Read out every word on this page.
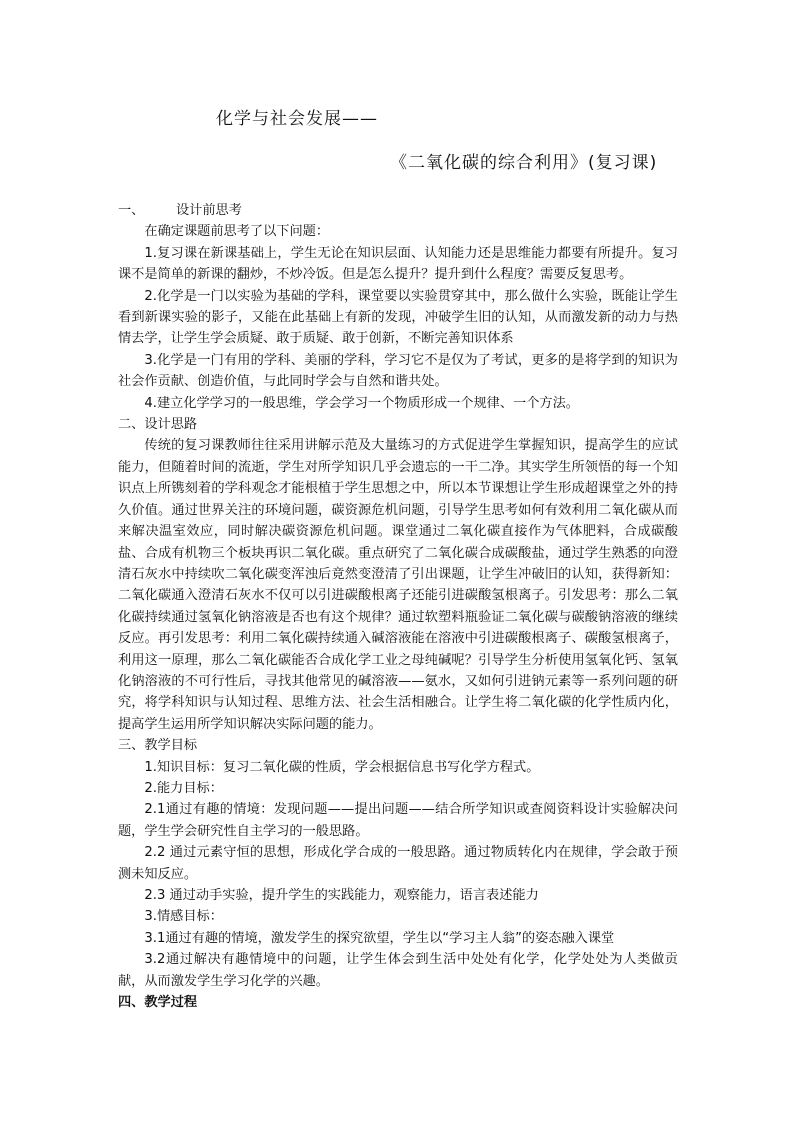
化学与社会发展——
《二氧化碳的综合利用》(复习课)

一、 设计前思考

在确定课题前思考了以下问题：

1.复习课在新课基础上，学生无论在知识层面、认知能力还是思维能力都要有所提升。复习课不是简单的新课的翻炒，不炒冷饭。但是怎么提升？提升到什么程度？需要反复思考。

2.化学是一门以实验为基础的学科，课堂要以实验贯穿其中，那么做什么实验，既能让学生看到新课实验的影子，又能在此基础上有新的发现，冲破学生旧的认知，从而激发新的动力与热情去学，让学生学会质疑、敢于质疑、敢于创新，不断完善知识体系

3.化学是一门有用的学科、美丽的学科，学习它不是仅为了考试，更多的是将学到的知识为社会作贡献、创造价值，与此同时学会与自然和谐共处。

4.建立化学学习的一般思维，学会学习一个物质形成一个规律、一个方法。

二、设计思路

传统的复习课教师往往采用讲解示范及大量练习的方式促进学生掌握知识，提高学生的应试能力，但随着时间的流逝，学生对所学知识几乎会遗忘的一干二净。其实学生所领悟的每一个知识点上所镌刻着的学科观念才能根植于学生思想之中，所以本节课想让学生形成超课堂之外的持久价值。通过世界关注的环境问题，碳资源危机问题，引导学生思考如何有效利用二氧化碳从而来解决温室效应，同时解决碳资源危机问题。课堂通过二氧化碳直接作为气体肥料，合成碳酸盐、合成有机物三个板块再识二氧化碳。重点研究了二氧化碳合成碳酸盐，通过学生熟悉的向澄清石灰水中持续吹二氧化碳变浑浊后竟然变澄清了引出课题，让学生冲破旧的认知，获得新知：二氧化碳通入澄清石灰水不仅可以引进碳酸根离子还能引进碳酸氢根离子。引发思考：那么二氧化碳持续通过氢氧化钠溶液是否也有这个规律？通过软塑料瓶验证二氧化碳与碳酸钠溶液的继续反应。再引发思考：利用二氧化碳持续通入碱溶液能在溶液中引进碳酸根离子、碳酸氢根离子，利用这一原理，那么二氧化碳能否合成化学工业之母纯碱呢？引导学生分析使用氢氧化钙、氢氧化钠溶液的不可行性后，寻找其他常见的碱溶液——氨水，又如何引进钠元素等一系列问题的研究，将学科知识与认知过程、思维方法、社会生活相融合。让学生将二氧化碳的化学性质内化，提高学生运用所学知识解决实际问题的能力。

三、教学目标

1.知识目标：复习二氧化碳的性质，学会根据信息书写化学方程式。

2.能力目标：

2.1通过有趣的情境：发现问题——提出问题——结合所学知识或查阅资料设计实验解决问题，学生学会研究性自主学习的一般思路。

2.2 通过元素守恒的思想，形成化学合成的一般思路。通过物质转化内在规律，学会敢于预测未知反应。

2.3 通过动手实验，提升学生的实践能力，观察能力，语言表述能力

3.情感目标：

3.1通过有趣的情境，激发学生的探究欲望，学生以“学习主人翁”的姿态融入课堂

3.2通过解决有趣情境中的问题，让学生体会到生活中处处有化学，化学处处为人类做贡献，从而激发学生学习化学的兴趣。

四、教学过程
